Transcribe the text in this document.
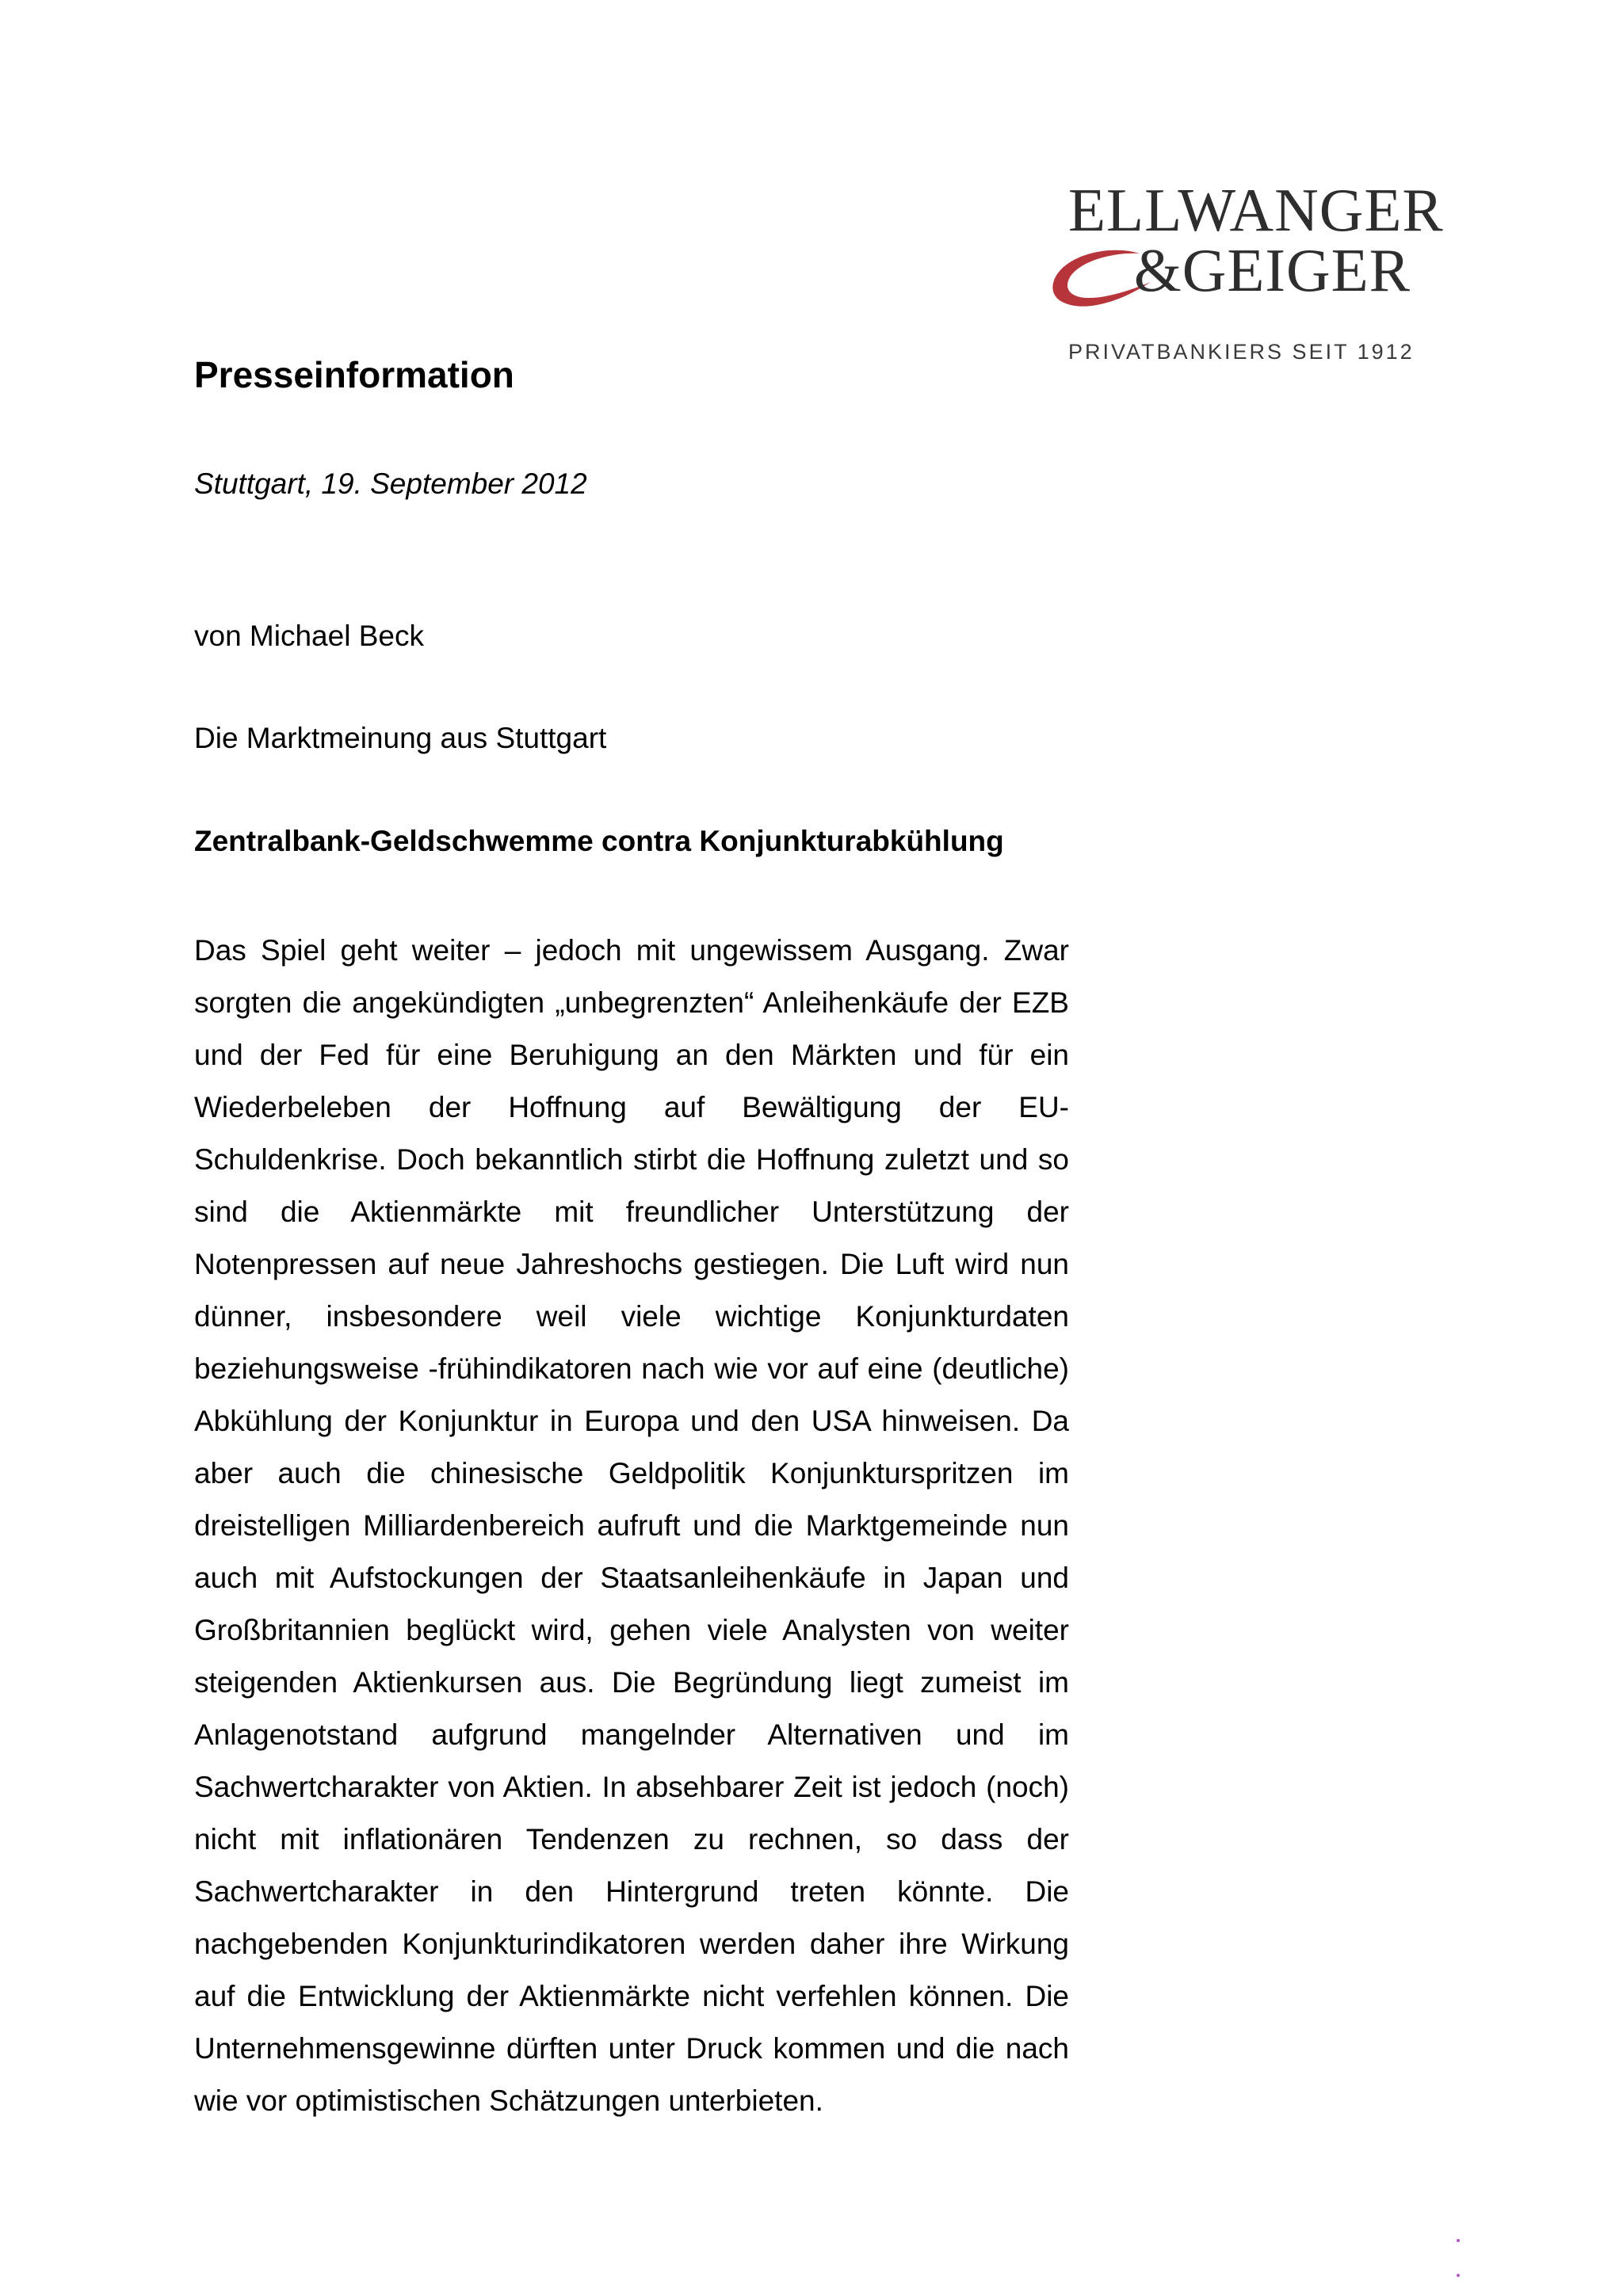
ELLWANGER
&GEIGER
PRIVATBANKIERS SEIT 1912
Presseinformation
Stuttgart, 19. September 2012
von Michael Beck
Die Marktmeinung aus Stuttgart
Zentralbank-Geldschwemme contra Konjunkturabkühlung

Das Spiel geht weiter – jedoch mit ungewissem Ausgang. Zwar sorgten die angekündigten „unbegrenzten“ Anleihenkäufe der EZB und der Fed für eine Beruhigung an den Märkten und für ein Wiederbeleben der Hoffnung auf Bewältigung der EU-Schuldenkrise. Doch bekanntlich stirbt die Hoffnung zuletzt und so sind die Aktienmärkte mit freundlicher Unterstützung der Notenpressen auf neue Jahreshochs gestiegen. Die Luft wird nun dünner, insbesondere weil viele wichtige Konjunkturdaten beziehungsweise -frühindikatoren nach wie vor auf eine (deutliche) Abkühlung der Konjunktur in Europa und den USA hinweisen. Da aber auch die chinesische Geldpolitik Konjunkturspritzen im dreistelligen Milliardenbereich aufruft und die Marktgemeinde nun auch mit Aufstockungen der Staatsanleihenkäufe in Japan und Großbritannien beglückt wird, gehen viele Analysten von weiter steigenden Aktienkursen aus. Die Begründung liegt zumeist im Anlagenotstand aufgrund mangelnder Alternativen und im Sachwertcharakter von Aktien. In absehbarer Zeit ist jedoch (noch) nicht mit inflationären Tendenzen zu rechnen, so dass der Sachwertcharakter in den Hintergrund treten könnte. Die nachgebenden Konjunkturindikatoren werden daher ihre Wirkung auf die Entwicklung der Aktienmärkte nicht verfehlen können. Die Unternehmensgewinne dürften unter Druck kommen und die nach wie vor optimistischen Schätzungen unterbieten.
